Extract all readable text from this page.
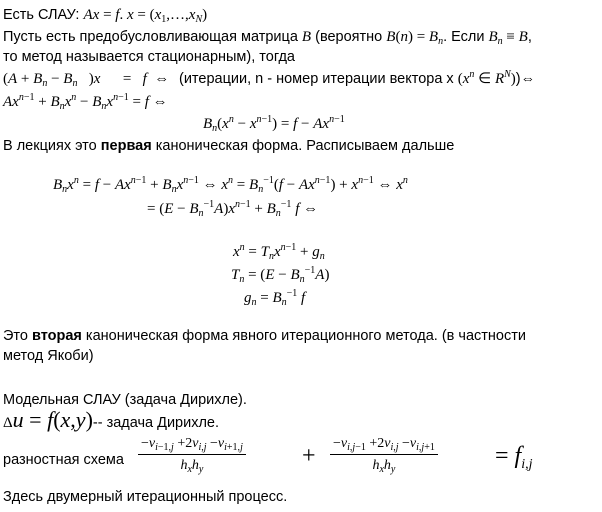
Есть СЛАУ: Ax = f. $x = (x_1,\dots,x_N)$
Пусть есть предобусловливающая матрица B (вероятно $B(n) = B_n$. Если $B_n \equiv B$,
то метод называется стационарным), тогда
($A + B_n - B_n$   )x      =   f  ⇔ (итерации, n - номер итерации вектора x ($x^n$ ∈ $R^N))\Leftrightarrow$
$Ax^{n-1} + B_nx^n - B_nx^{n-1} = f$ ⇔
$B_n(x^n - x^{n-1}) = f - Ax^{n-1}$
В лекциях это первая каноническая форма. Расписываем дальше
$B_nx^n = f - Ax^{n-1} + B_nx^{n-1}$ ⇔ $x^n = B_n^{-1}(f - Ax^{n-1}) + x^{n-1}$ ⇔ $x^n$
= $(E - B_n^{-1}A)x^{n-1} + B_n^{-1}$ f ⇔
$x^n = T_nx^{n-1} + g_n$
$T_n = (E - B_n^{-1}A)$
$g_n = B_n^{-1}$ f
Это вторая каноническая форма явного итерационного метода. (в частности
метод Якоби)
Модельная СЛАУ (задача Дирихле).
Δu = f(x,y)-- задача Дирихле.
разностная схема
$-v_{i-1,j} +2v_{i,j} -v_{i+1,j}$
$h_xh_y$
+ $-v_{i,j-1} +2v_{i,j} -v_{i,j+1}$
$h_xh_y$
= $f_{i,j}$
Здесь двумерный итерационный процесс.
